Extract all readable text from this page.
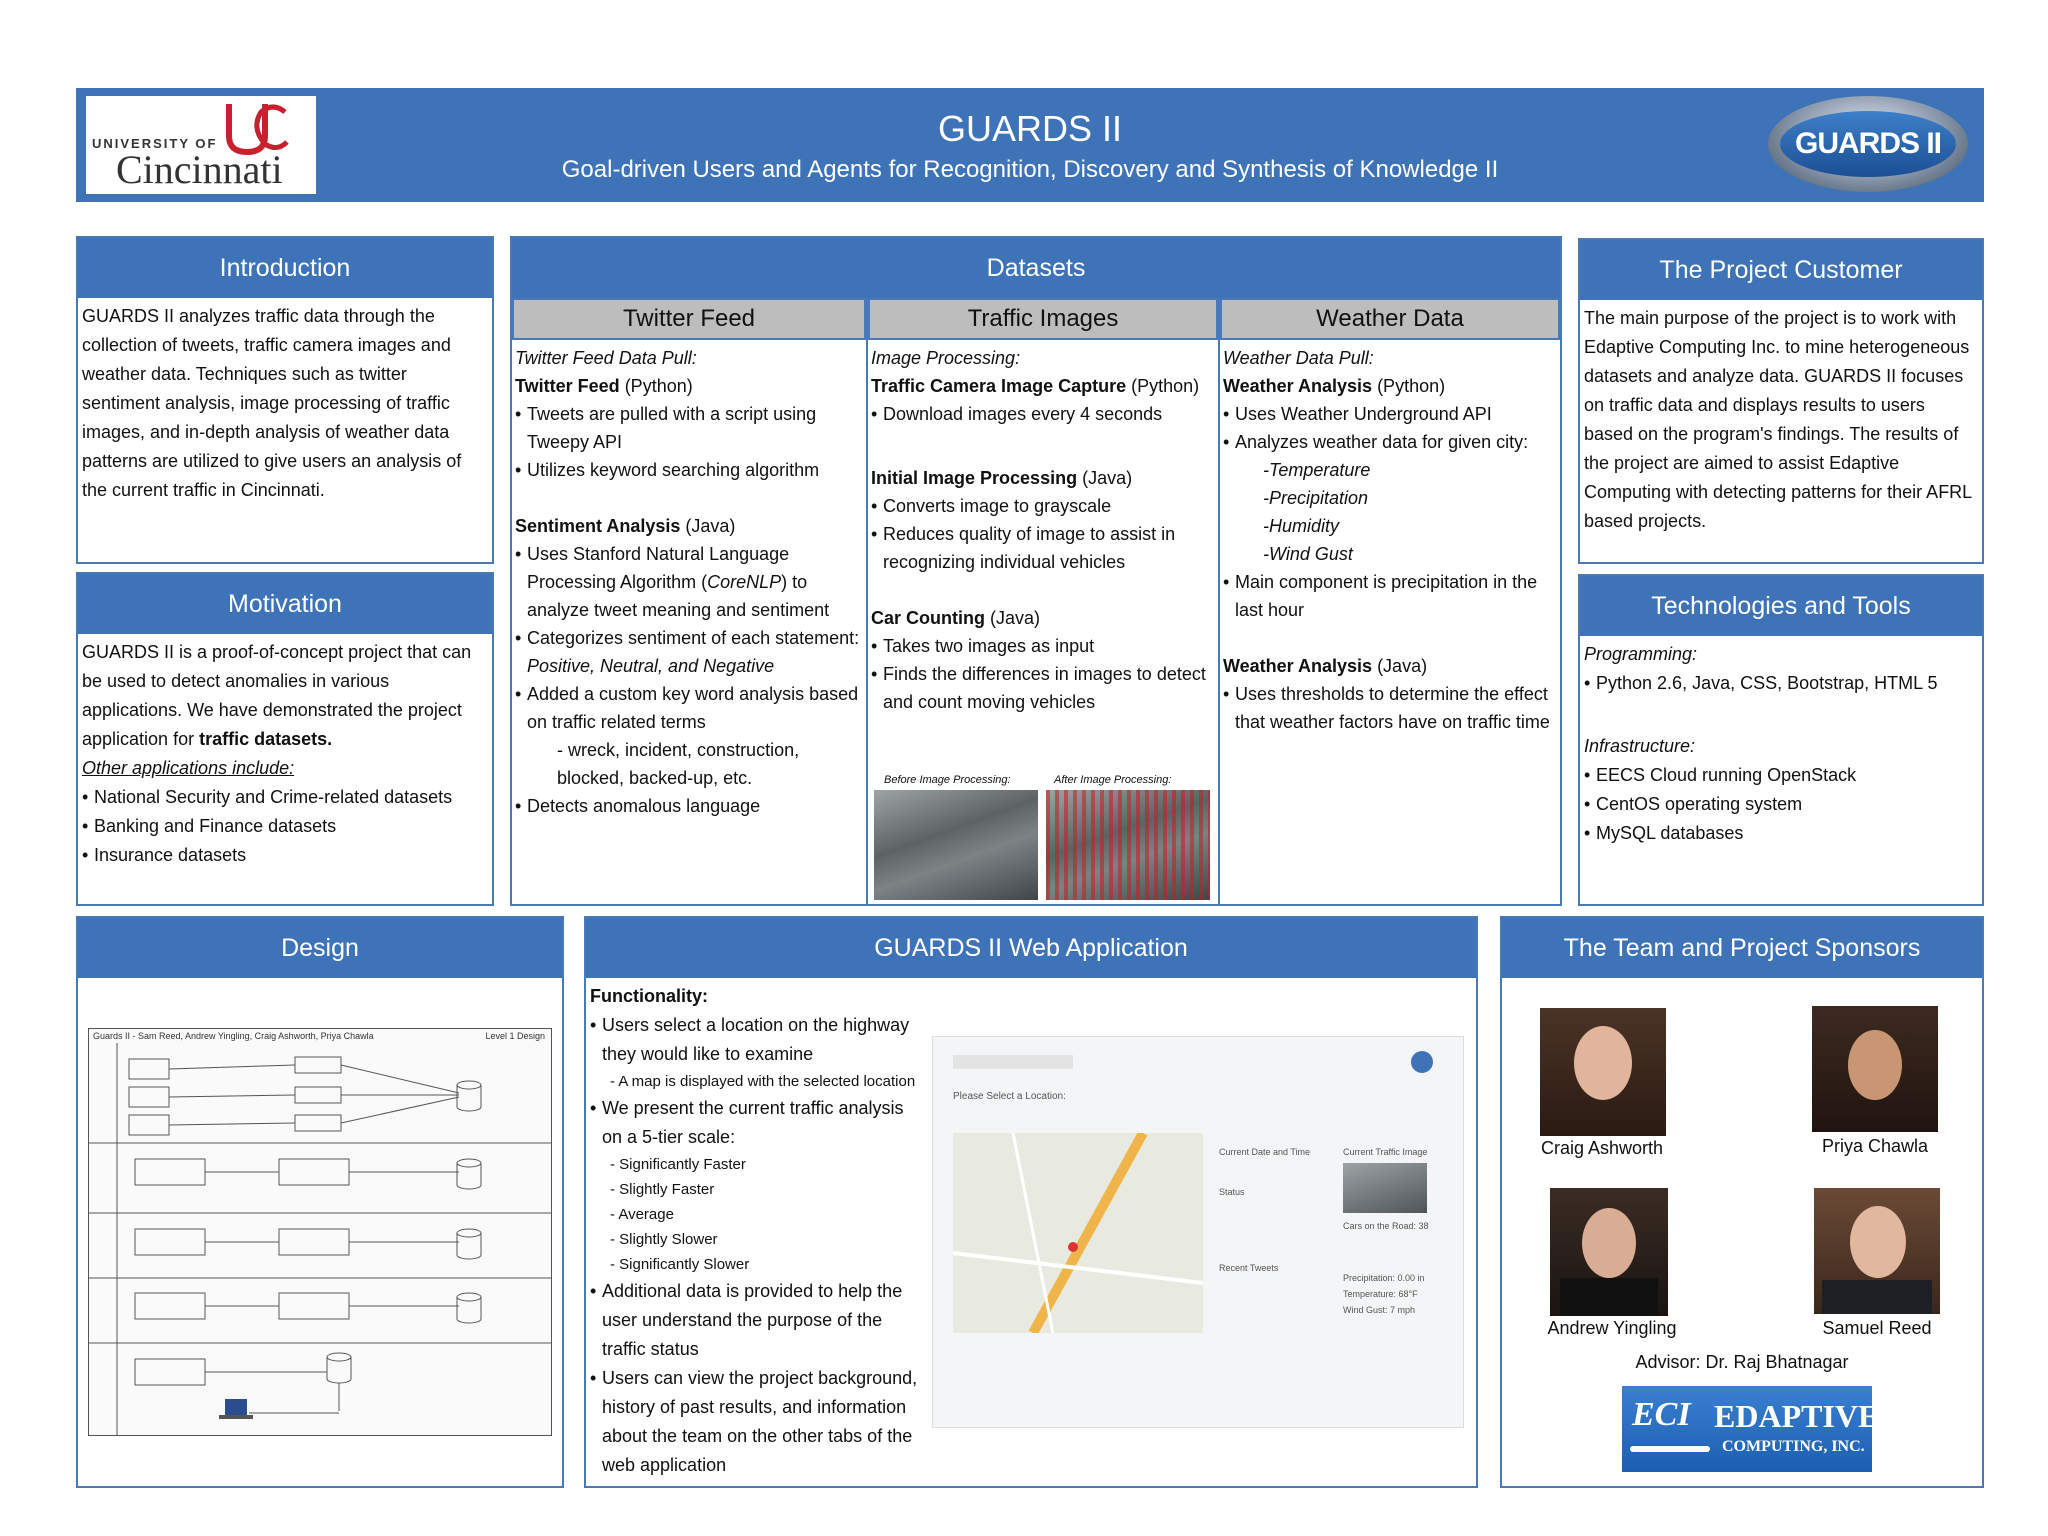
UNIVERSITY OF
Cincinnati
GUARDS II
Goal-driven Users and Agents for Recognition, Discovery and Synthesis of Knowledge II
GUARDS II
Introduction
GUARDS II analyzes traffic data through the collection of tweets, traffic camera images and weather data. Techniques such as twitter sentiment analysis, image processing of traffic images, and in-depth analysis of weather data patterns are utilized to give users an analysis of the current traffic in Cincinnati.
Motivation
GUARDS II is a proof-of-concept project that can be used to detect anomalies in various applications. We have demonstrated the project application for traffic datasets.
Other applications include:
• National Security and Crime-related datasets
• Banking and Finance datasets
• Insurance datasets
Datasets
Twitter Feed
Twitter Feed Data Pull:
Twitter Feed (Python)
• Tweets are pulled with a script using Tweepy API
• Utilizes keyword searching algorithm
Sentiment Analysis (Java)
• Uses Stanford Natural Language Processing Algorithm (CoreNLP) to analyze tweet meaning and sentiment
• Categorizes sentiment of each statement: Positive, Neutral, and Negative
• Added a custom key word analysis based on traffic related terms
- wreck, incident, construction, blocked, backed-up, etc.
• Detects anomalous language
Traffic Images
Image Processing:
Traffic Camera Image Capture (Python)
• Download images every 4 seconds
Initial Image Processing (Java)
• Converts image to grayscale
• Reduces quality of image to assist in recognizing individual vehicles
Car Counting (Java)
• Takes two images as input
• Finds the differences in images to detect and count moving vehicles
Before Image Processing:	After Image Processing:
Weather Data
Weather Data Pull:
Weather Analysis (Python)
• Uses Weather Underground API
• Analyzes weather data for given city:
-Temperature
-Precipitation
-Humidity
-Wind Gust
• Main component is precipitation in the last hour
Weather Analysis (Java)
• Uses thresholds to determine the effect that weather factors have on traffic time
The Project Customer
The main purpose of the project is to work with Edaptive Computing Inc. to mine heterogeneous datasets and analyze data. GUARDS II focuses on traffic data and displays results to users based on the program's findings. The results of the project are aimed to assist Edaptive Computing with detecting patterns for their AFRL based projects.
Technologies and Tools
Programming:
• Python 2.6, Java, CSS, Bootstrap, HTML 5
Infrastructure:
• EECS Cloud running OpenStack
• CentOS operating system
• MySQL databases
Design
Guards II - Sam Reed, Andrew Yingling, Craig Ashworth, Priya Chawla	Level 1 Design
GUARDS II Web Application
Functionality:
• Users select a location on the highway they would like to examine
- A map is displayed with the selected location
• We present the current traffic analysis on a 5-tier scale:
- Significantly Faster
- Slightly Faster
- Average
- Slightly Slower
- Significantly Slower
• Additional data is provided to help the user understand the purpose of the traffic status
• Users can view the project background, history of past results, and information about the team on the other tabs of the web application
Please Select a Location:
Current Date and Time
Status
Current Traffic Image
Cars on the Road: 38
Recent Tweets
Precipitation: 0.00 in
Temperature: 68°F
Wind Gust: 7 mph
The Team and Project Sponsors
Craig Ashworth	Priya Chawla
Andrew Yingling	Samuel Reed
Advisor: Dr. Raj Bhatnagar
ECI EDAPTIVE
COMPUTING, INC.
